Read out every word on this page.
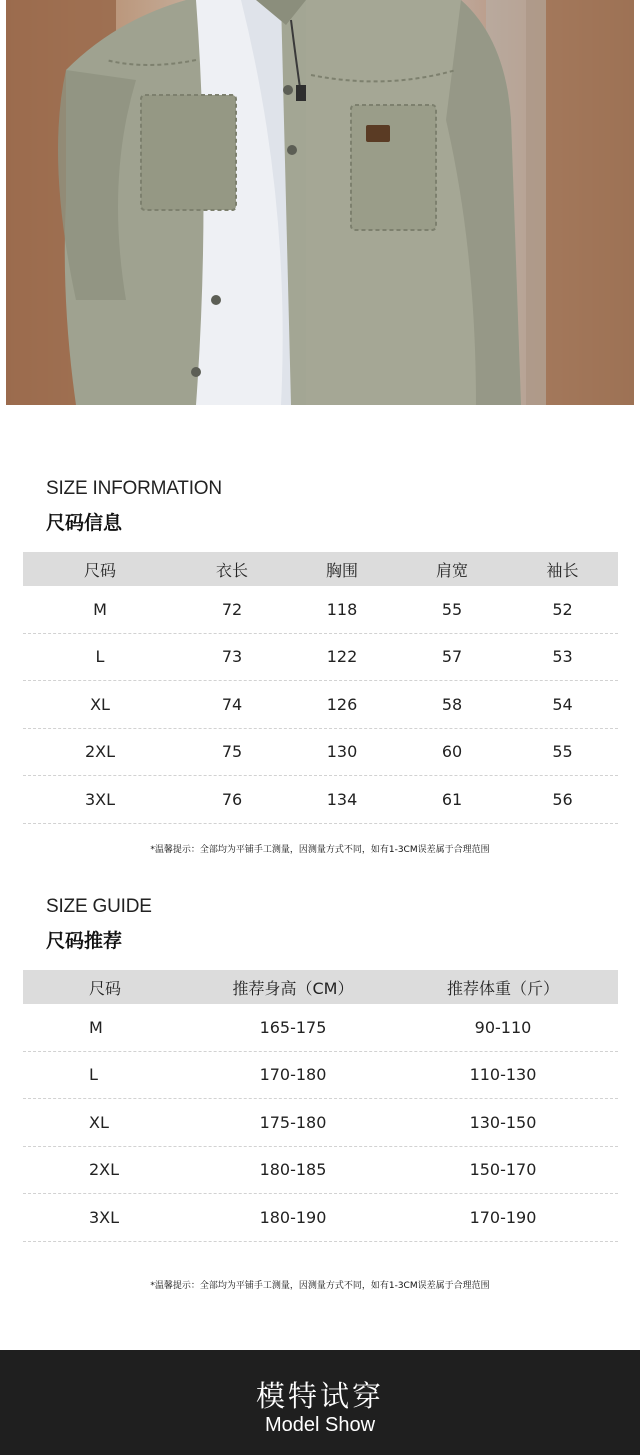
SIZE INFORMATION
尺码信息
尺码	衣长	胸围	肩宽	袖长
M	72	118	55	52
L	73	122	57	53
XL	74	126	58	54
2XL	75	130	60	55
3XL	76	134	61	56
*温馨提示：全部均为平铺手工测量，因测量方式不同，如有1-3CM误差属于合理范围
SIZE GUIDE
尺码推荐
尺码	推荐身高（CM）	推荐体重（斤）
M	165-175	90-110
L	170-180	110-130
XL	175-180	130-150
2XL	180-185	150-170
3XL	180-190	170-190
*温馨提示：全部均为平铺手工测量，因测量方式不同，如有1-3CM误差属于合理范围
模特试穿
Model Show
